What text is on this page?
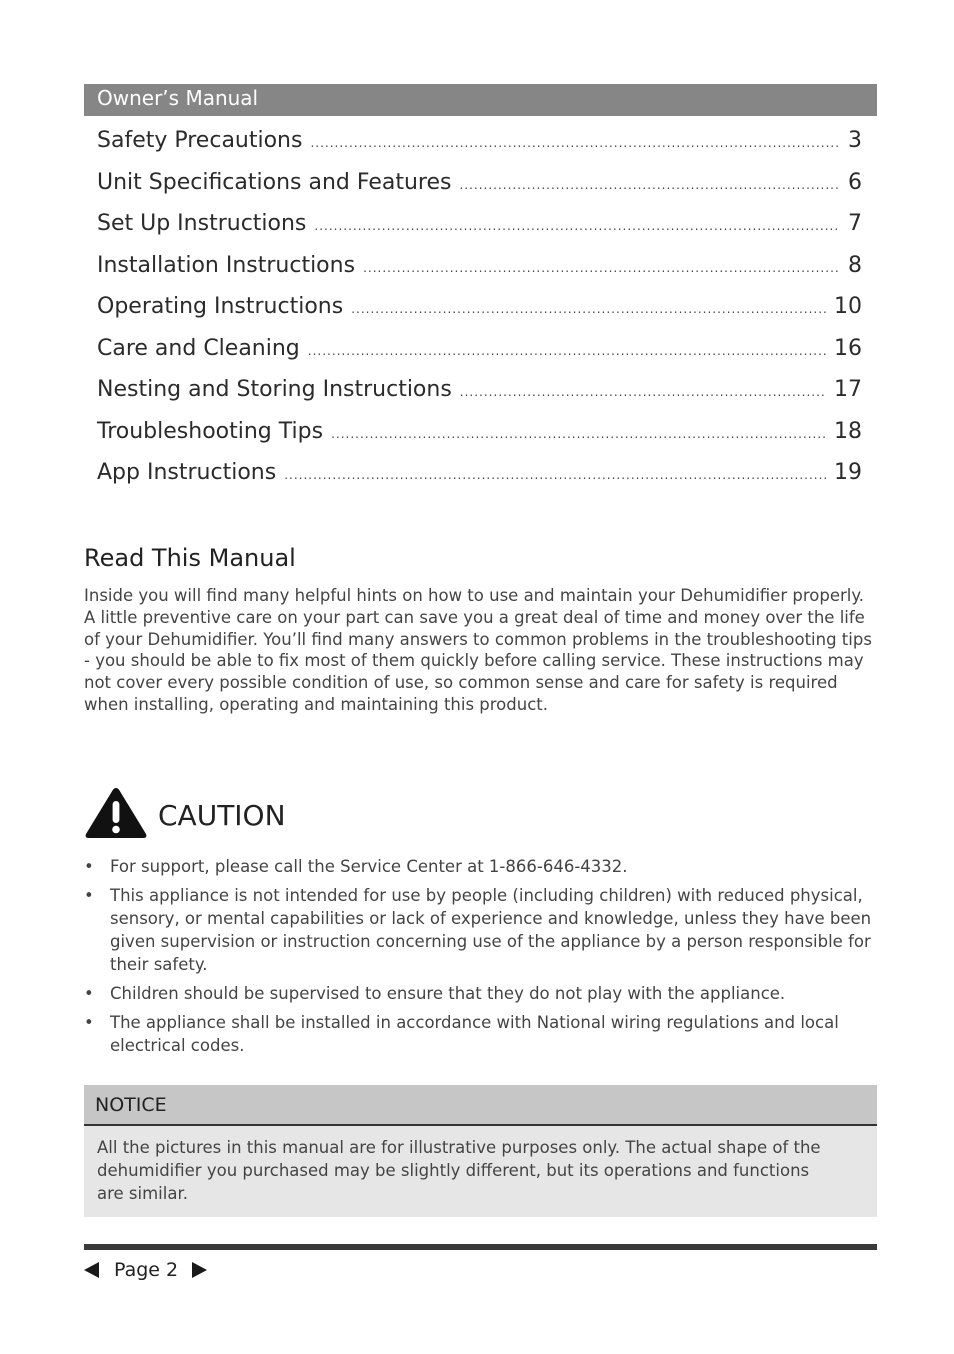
Owner’s Manual
Safety Precautions .....	3
Unit Specifications and Features .....	6
Set Up Instructions .....	7
Installation Instructions .....	8
Operating Instructions .....	10
Care and Cleaning .....	16
Nesting and Storing Instructions .....	17
Troubleshooting Tips .....	18
App Instructions .....	19
Read This Manual

Inside you will find many helpful hints on how to use and maintain your Dehumidifier properly. A little preventive care on your part can save you a great deal of time and money over the life of your Dehumidifier. You’ll find many answers to common problems in the troubleshooting tips - you should be able to fix most of them quickly before calling service. These instructions may not cover every possible condition of use, so common sense and care for safety is required when installing, operating and maintaining this product.

CAUTION
• For support, please call the Service Center at 1-866-646-4332.
• This appliance is not intended for use by people (including children) with reduced physical, sensory, or mental capabilities or lack of experience and knowledge, unless they have been given supervision or instruction concerning use of the appliance by a person responsible for their safety.
• Children should be supervised to ensure that they do not play with the appliance.
• The appliance shall be installed in accordance with National wiring regulations and local electrical codes.
NOTICE

All the pictures in this manual are for illustrative purposes only. The actual shape of the dehumidifier you purchased may be slightly different, but its operations and functions are similar.

Page 2
